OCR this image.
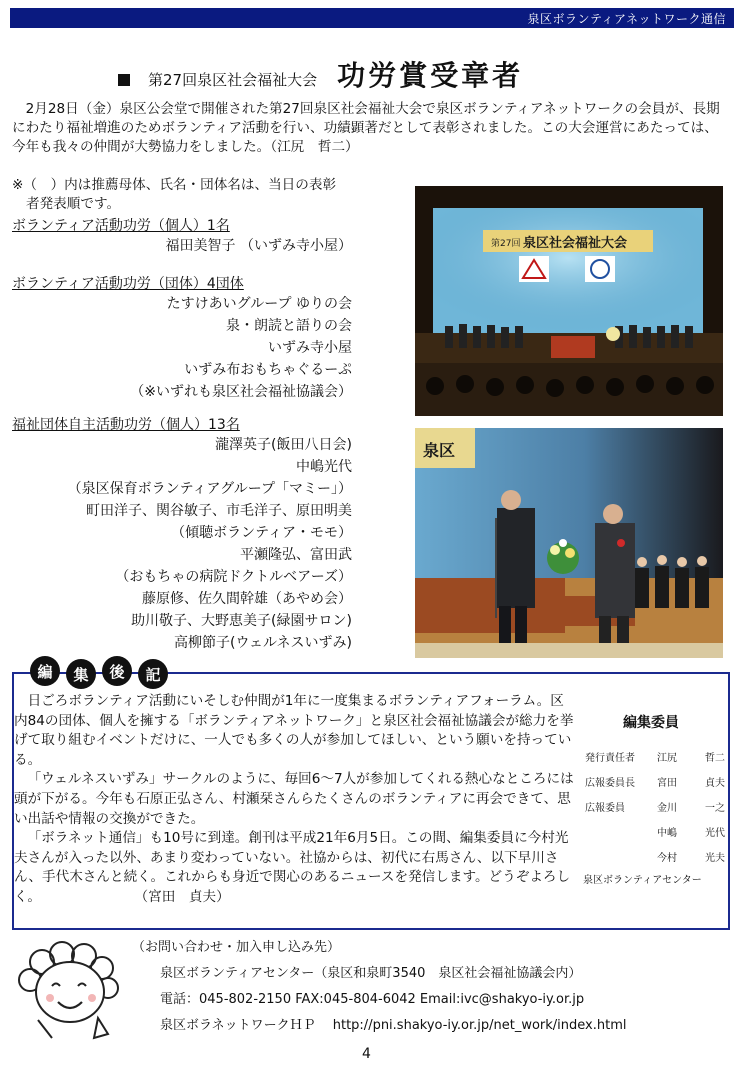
泉区ボランティアネットワーク通信
第27回泉区社会福祉大会 功労賞受章者
2月28日（金）泉区公会堂で開催された第27回泉区社会福祉大会で泉区ボランティアネットワークの会員が、長期にわたり福祉増進のためボランティア活動を行い、功績顕著だとして表彰されました。この大会運営にあたっては、今年も我々の仲間が大勢協力をしました。（江尻　哲二）
※（　）内は推薦母体、氏名・団体名は、当日の表彰
者発表順です。
ボランティア活動功労（個人）1名
福田美智子 （いずみ寺小屋）
ボランティア活動功労（団体）4団体
たすけあいグループ ゆりの会
泉・朗読と語りの会
いずみ寺小屋
いずみ布おもちゃぐるーぷ
（※いずれも泉区社会福祉協議会）
福祉団体自主活動功労（個人）13名
瀧澤英子(飯田八日会)
中嶋光代
（泉区保育ボランティアグループ「マミー」）
町田洋子、関谷敏子、市毛洋子、原田明美
（傾聴ボランティア・モモ）
平瀬隆弘、富田武
（おもちゃの病院ドクトルベアーズ）
藤原修、佐久間幹雄（あやめ会）
助川敬子、大野恵美子(緑園サロン)
高柳節子(ウェルネスいずみ)
第27回 泉区社会福祉大会
泉区
編	集	後	記

日ごろボランティア活動にいそしむ仲間が1年に一度集まるボランティアフォーラム。区内84の団体、個人を擁する「ボランティアネットワーク」と泉区社会福祉協議会が総力を挙げて取り組むイベントだけに、一人でも多くの人が参加してほしい、という願いを持っている。

「ウェルネスいずみ」サークルのように、毎回6〜7人が参加してくれる熱心なところには頭が下がる。今年も石原正弘さん、村瀬栞さんらたくさんのボランティアに再会できて、思い出話や情報の交換ができた。

「ボラネット通信」も10号に到達。創刊は平成21年6月5日。この間、編集委員に今村光夫さんが入った以外、あまり変わっていない。社協からは、初代に右馬さん、以下早川さん、手代木さんと続く。これからも身近で関心のあるニュースを発信します。どうぞよろしく。	（宮田　貞夫）

編集委員
発行責任者	江尻	哲二
広報委員長	宮田	貞夫
広報委員	金川	一之
中嶋	光代
今村	光夫
泉区ボランティアセンター
（お問い合わせ・加入申し込み先）
泉区ボランティアセンター（泉区和泉町3540　泉区社会福祉協議会内）
電話：045-802-2150 FAX:045-804-6042 Email:ivc@shakyo-iy.or.jp
泉区ボラネットワークＨＰ　 http://pni.shakyo-iy.or.jp/net_work/index.html
4
